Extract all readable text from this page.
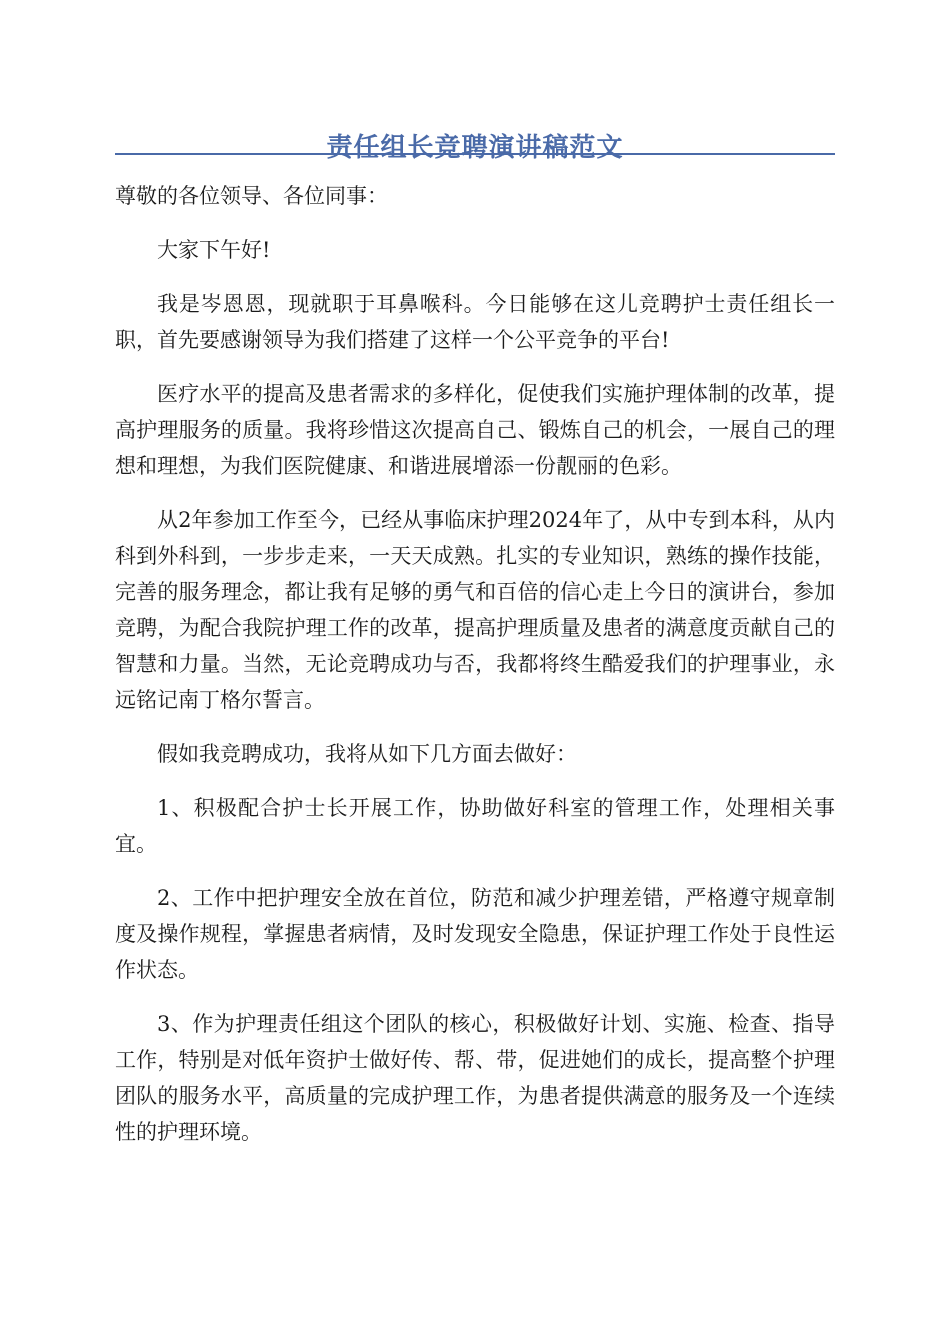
责任组长竞聘演讲稿范文

尊敬的各位领导、各位同事：

大家下午好!

我是岑恩恩，现就职于耳鼻喉科。今日能够在这儿竞聘护士责任组长一职，首先要感谢领导为我们搭建了这样一个公平竞争的平台!

医疗水平的提高及患者需求的多样化，促使我们实施护理体制的改革，提高护理服务的质量。我将珍惜这次提高自己、锻炼自己的机会，一展自己的理想和理想，为我们医院健康、和谐进展增添一份靓丽的色彩。

从2年参加工作至今，已经从事临床护理2024年了，从中专到本科，从内科到外科到，一步步走来，一天天成熟。扎实的专业知识，熟练的操作技能，完善的服务理念，都让我有足够的勇气和百倍的信心走上今日的演讲台，参加竞聘，为配合我院护理工作的改革，提高护理质量及患者的满意度贡献自己的智慧和力量。当然，无论竞聘成功与否，我都将终生酷爱我们的护理事业，永远铭记南丁格尔誓言。

假如我竞聘成功，我将从如下几方面去做好：

1、积极配合护士长开展工作，协助做好科室的管理工作，处理相关事宜。

2、工作中把护理安全放在首位，防范和减少护理差错，严格遵守规章制度及操作规程，掌握患者病情，及时发现安全隐患，保证护理工作处于良性运作状态。

3、作为护理责任组这个团队的核心，积极做好计划、实施、检查、指导工作，特别是对低年资护士做好传、帮、带，促进她们的成长，提高整个护理团队的服务水平，高质量的完成护理工作，为患者提供满意的服务及一个连续性的护理环境。
